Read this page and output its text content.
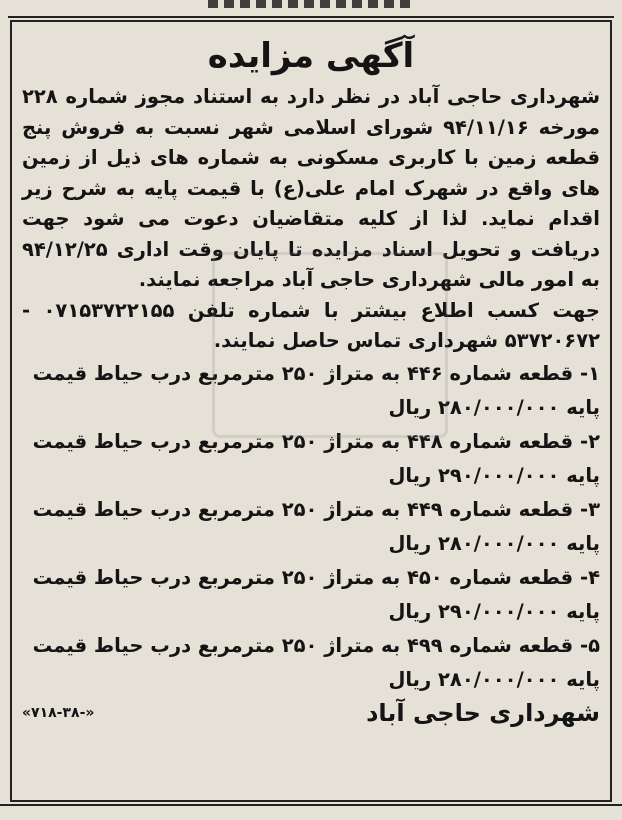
آگهی مزایده

شهرداری حاجی آباد در نظر دارد به استناد مجوز شماره ۲۲۸ مورخه ۹۴/۱۱/۱۶ شورای اسلامی شهر نسبت به فروش پنج قطعه زمین با کاربری مسکونی به شماره های ذیل از زمین های واقع در شهرک امام علی(ع) با قیمت پایه به شرح زیر اقدام نماید. لذا از کلیه متقاضیان دعوت می شود جهت دریافت و تحویل اسناد مزایده تا پایان وقت اداری ۹۴/۱۲/۲۵ به امور مالی شهرداری حاجی آباد مراجعه نمایند.

جهت کسب اطلاع بیشتر با شماره تلفن ۰۷۱۵۳۷۲۲۱۵۵ - ۵۳۷۲۰۶۷۲ شهرداری تماس حاصل نمایند.

۱- قطعه شماره ۴۴۶ به متراژ ۲۵۰ مترمربع درب حیاط قیمت
پایه ۲۸۰/۰۰۰/۰۰۰ ریال
۲- قطعه شماره ۴۴۸ به متراژ ۲۵۰ مترمربع درب حیاط قیمت
پایه ۲۹۰/۰۰۰/۰۰۰ ریال
۳- قطعه شماره ۴۴۹ به متراژ ۲۵۰ مترمربع درب حیاط قیمت
پایه ۲۸۰/۰۰۰/۰۰۰ ریال
۴- قطعه شماره ۴۵۰ به متراژ ۲۵۰ مترمربع درب حیاط قیمت
پایه ۲۹۰/۰۰۰/۰۰۰ ریال
۵- قطعه شماره ۴۹۹ به متراژ ۲۵۰ مترمربع درب حیاط قیمت
پایه ۲۸۰/۰۰۰/۰۰۰ ریال
شهرداری حاجی آباد
«۷۱۸-۳۸-»
